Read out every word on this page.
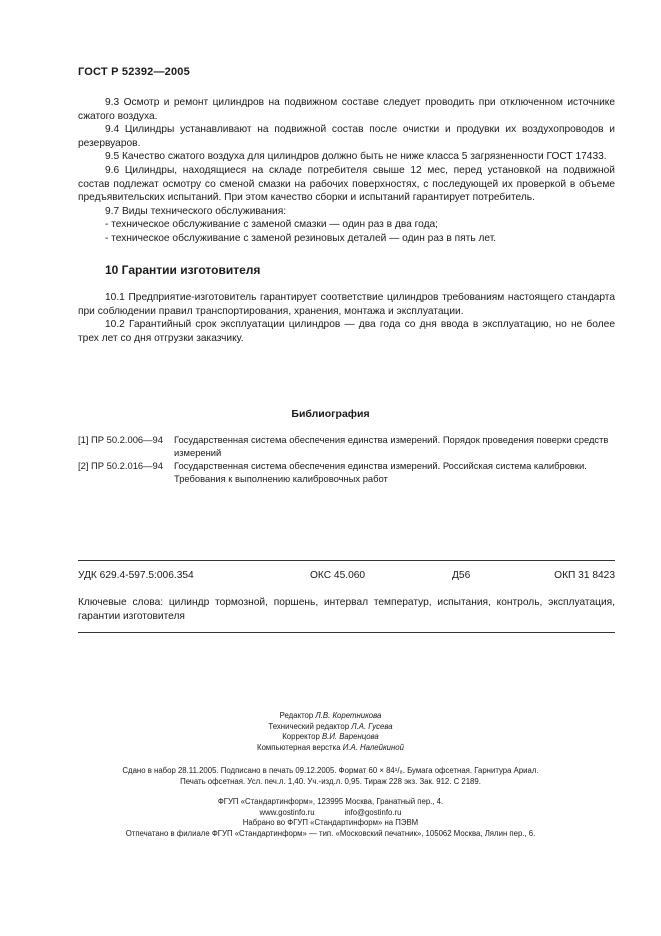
ГОСТ Р 52392—2005

9.3 Осмотр и ремонт цилиндров на подвижном составе следует проводить при отключенном источнике сжатого воздуха.

9.4 Цилиндры устанавливают на подвижной состав после очистки и продувки их воздухопроводов и резервуаров.

9.5 Качество сжатого воздуха для цилиндров должно быть не ниже класса 5 загрязненности ГОСТ 17433.

9.6 Цилиндры, находящиеся на складе потребителя свыше 12 мес, перед установкой на подвижной состав подлежат осмотру со сменой смазки на рабочих поверхностях, с последующей их проверкой в объеме предъявительских испытаний. При этом качество сборки и испытаний гарантирует потребитель.

9.7 Виды технического обслуживания:

- техническое обслуживание с заменой смазки — один раз в два года;

- техническое обслуживание с заменой резиновых деталей — один раз в пять лет.

10 Гарантии изготовителя

10.1 Предприятие-изготовитель гарантирует соответствие цилиндров требованиям настоящего стандарта при соблюдении правил транспортирования, хранения, монтажа и эксплуатации.

10.2 Гарантийный срок эксплуатации цилиндров — два года со дня ввода в эксплуатацию, но не более трех лет со дня отгрузки заказчику.

Библиография
[1] ПР 50.2.006—94	Государственная система обеспечения единства измерений. Порядок проведения поверки средств измерений
[2] ПР 50.2.016—94	Государственная система обеспечения единства измерений. Российская система калибровки. Требования к выполнению калибровочных работ
УДК 629.4-597.5:006.354	ОКС 45.060	Д56	ОКП 31 8423
Ключевые слова: цилиндр тормозной, поршень, интервал температур, испытания, контроль, эксплуатация, гарантии изготовителя
Редактор Л.В. Коретникова
Технический редактор Л.А. Гусева
Корректор В.И. Варенцова
Компьютерная верстка И.А. Налейкиной
Сдано в набор 28.11.2005. Подписано в печать 09.12.2005. Формат 60 × 84¹/₈. Бумага офсетная. Гарнитура Ариал.
Печать офсетная. Усл. печ.л. 1,40. Уч.-изд.л. 0,95. Тираж 228 экз. Зак. 912. С 2189.
ФГУП «Стандартинформ», 123995 Москва, Гранатный пер., 4.
www.gostinfo.ru	info@gostinfo.ru
Набрано во ФГУП «Стандартинформ» на ПЭВМ
Отпечатано в филиале ФГУП «Стандартинформ» — тип. «Московский печатник», 105062 Москва, Лялин пер., 6.
